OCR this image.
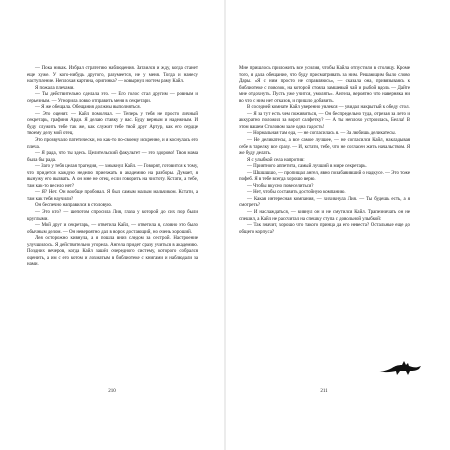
— Пока никак. Избрал стратегию наблюдения. Затаился и жду, когда станет еще хуже. У кого-нибудь другого, разумеется, не у меня. Тогда и нанесу наступление. Неплохая картина, оригинка? — ковырнул ногтем раму Кайл.

Я пожала плечами.

— Ты действительно сделала это. — Его голос стал другим — ровным и серьезным. — Угнорила ловко отправить меня в секретари.

— Я же обещала. Обещания должны выполняться.

— Это оценят. — Кайл помолчал. — Теперь у тебя не просто личный секретарь, графиня Арди. Я делаю ставку у вас. Буду верным и надежным. И буду служить тебе так же, как служит тебе твой друг Артур, как его сердце твоему делу мой отец.

Это прозвучало патетически, но как-то по-своему искренне, и я коснулась его плеча.

— Я рада, что ты здесь. Целительский факультет — это здорово! Твоя мама была бы рада.

— Заго у тебя целая трагедия, — хмыкнул Кайл. — Говорят, готовится к тому, что придется каждую неделю приезжать в академию на разборы. Думает, я вынужу его вызвать. А он мне не отец, если говорить на чистоту. Кстати, а тебе, там как-то весело нет?

— Я? Нет. Он вообще пробовал. Я был самым малым мальчиком. Кстати, а там как тебя научили?

Он беспечно направился в столовую.

— Это кто? — шепотом спросила Лия, глаза у которой до сих пор были круглыми.

— Мой друг и секретарь, — ответила Кайл, — ответила я, словно это было обычным делом. — Он невероятно дал в ворох достающий, но очень хороший.

Лея осторожно кивнула, а я пошла вниз следом за сестрой. Настроение улучшилось. Я действительно угорела. Ангела придет сразу учиться в академию. Поздних вечеров, когда Кайл зашёл очередного систему, которого собрался оценить, а им с его котом и лохматым в библиотеке с книгами и наблюдали за нами.

210

Мне пришлось приложить все усилия, чтобы Кайла отпустили в столицу. Кроме того, я дала обещание, что буду присматривать за ним. Решающим было слово Дары. «Я с ним просто не справляюсь», — сказала она, привязываясь к библиотеке с повозок, на которой стояла замшевый чай и рыбой вдоль — Дайте мне отдохнуть. Пусть уже учится, умолять». Ангела, вероятно что наверняка ни во что с ним нет отказов, и пришло добавить.

В соседней комнате Кайл уверенно увлекся — увидал накрытый к обеду стол.

— Я за тут есть чем поживиться, — Он беспредельно туда, отрезая за лето и аккуратно положил за ворот салфетку? — А ты неплохо устроилась, Белла! В этом вашем Столовом зале одна гадость!

— Нормальная там еда, — не согласилась я. — За любишь деликатесы.

— Не деликатесы, а все самое лучшее, — не согласился Кайл, накладывая себе в тарелку все сразу. — И, кстати, тебе, что не согласен жить начальством. Я же буду делать.

Я с улыбкой села напротив:

— Приятного аппетита, самый лучший в мире секретарь.

— Шшшшшо, — пропищал ангел, явно позабавивший о надкусе. — Это тоже пофеб. Я в тебе всегда хорошо верю.

— Чтобы вкусно повеселиться?

— Нет, чтобы составить достойную компанию.

— Какая интересная компания, — хихикнула Лия. — Ты будешь есть, а я смотреть?

— И наслаждаться, — кивнул он и не смутился Кайл. Трапезничать он не спешил, а Кайл не рассчитал на спешку ступа с довольной улыбкой:

— Так значит, хорошо что такого принца да его невеста? Остальные еще до общего корпуса?

211
